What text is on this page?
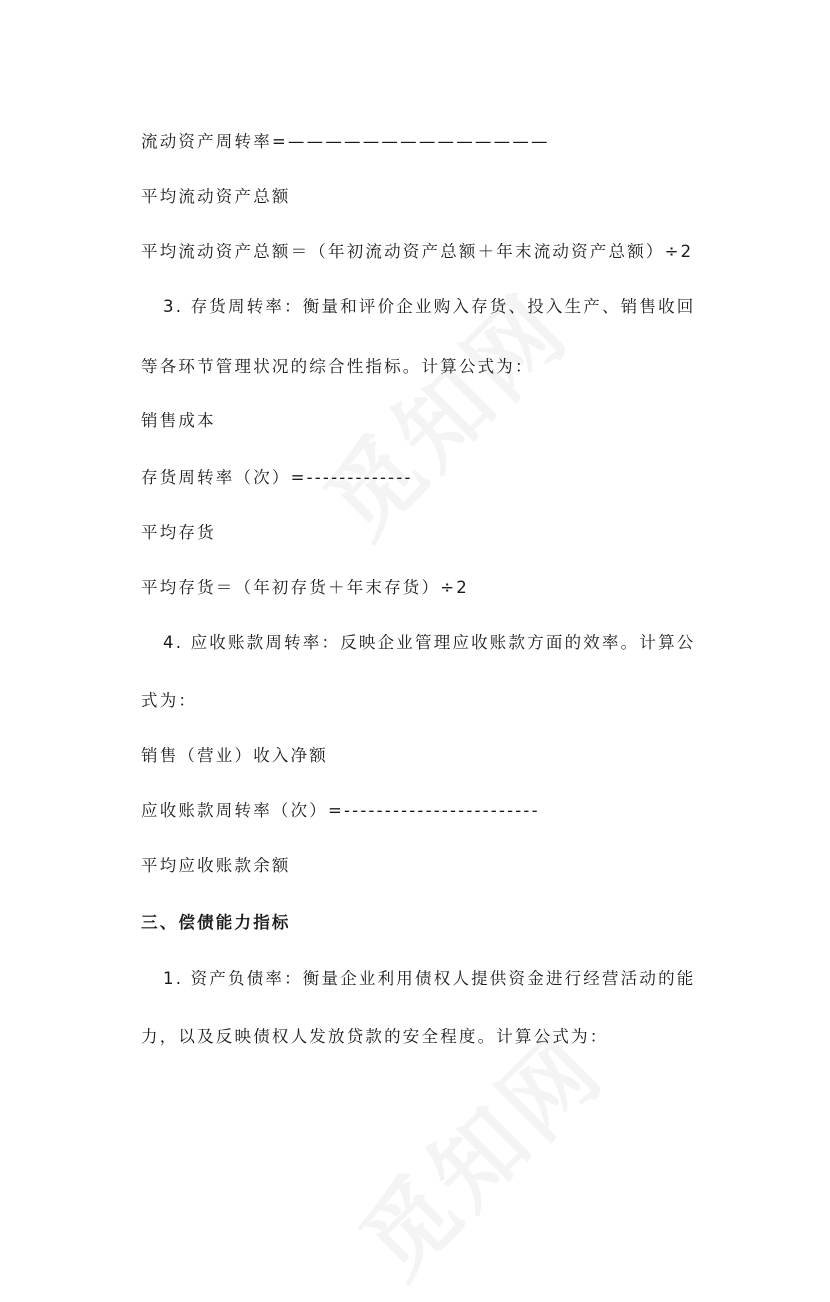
流动资产周转率=——————————————
平均流动资产总额
平均流动资产总额＝（年初流动资产总额＋年末流动资产总额）÷2
3. 存货周转率：衡量和评价企业购入存货、投入生产、销售收回
等各环节管理状况的综合性指标。计算公式为：
销售成本
存货周转率（次）=-------------
平均存货
平均存货＝（年初存货＋年末存货）÷2
4. 应收账款周转率：反映企业管理应收账款方面的效率。计算公
式为：
销售（营业）收入净额
应收账款周转率（次）=------------------------
平均应收账款余额
三、偿债能力指标
1. 资产负债率：衡量企业利用债权人提供资金进行经营活动的能
力，以及反映债权人发放贷款的安全程度。计算公式为：
